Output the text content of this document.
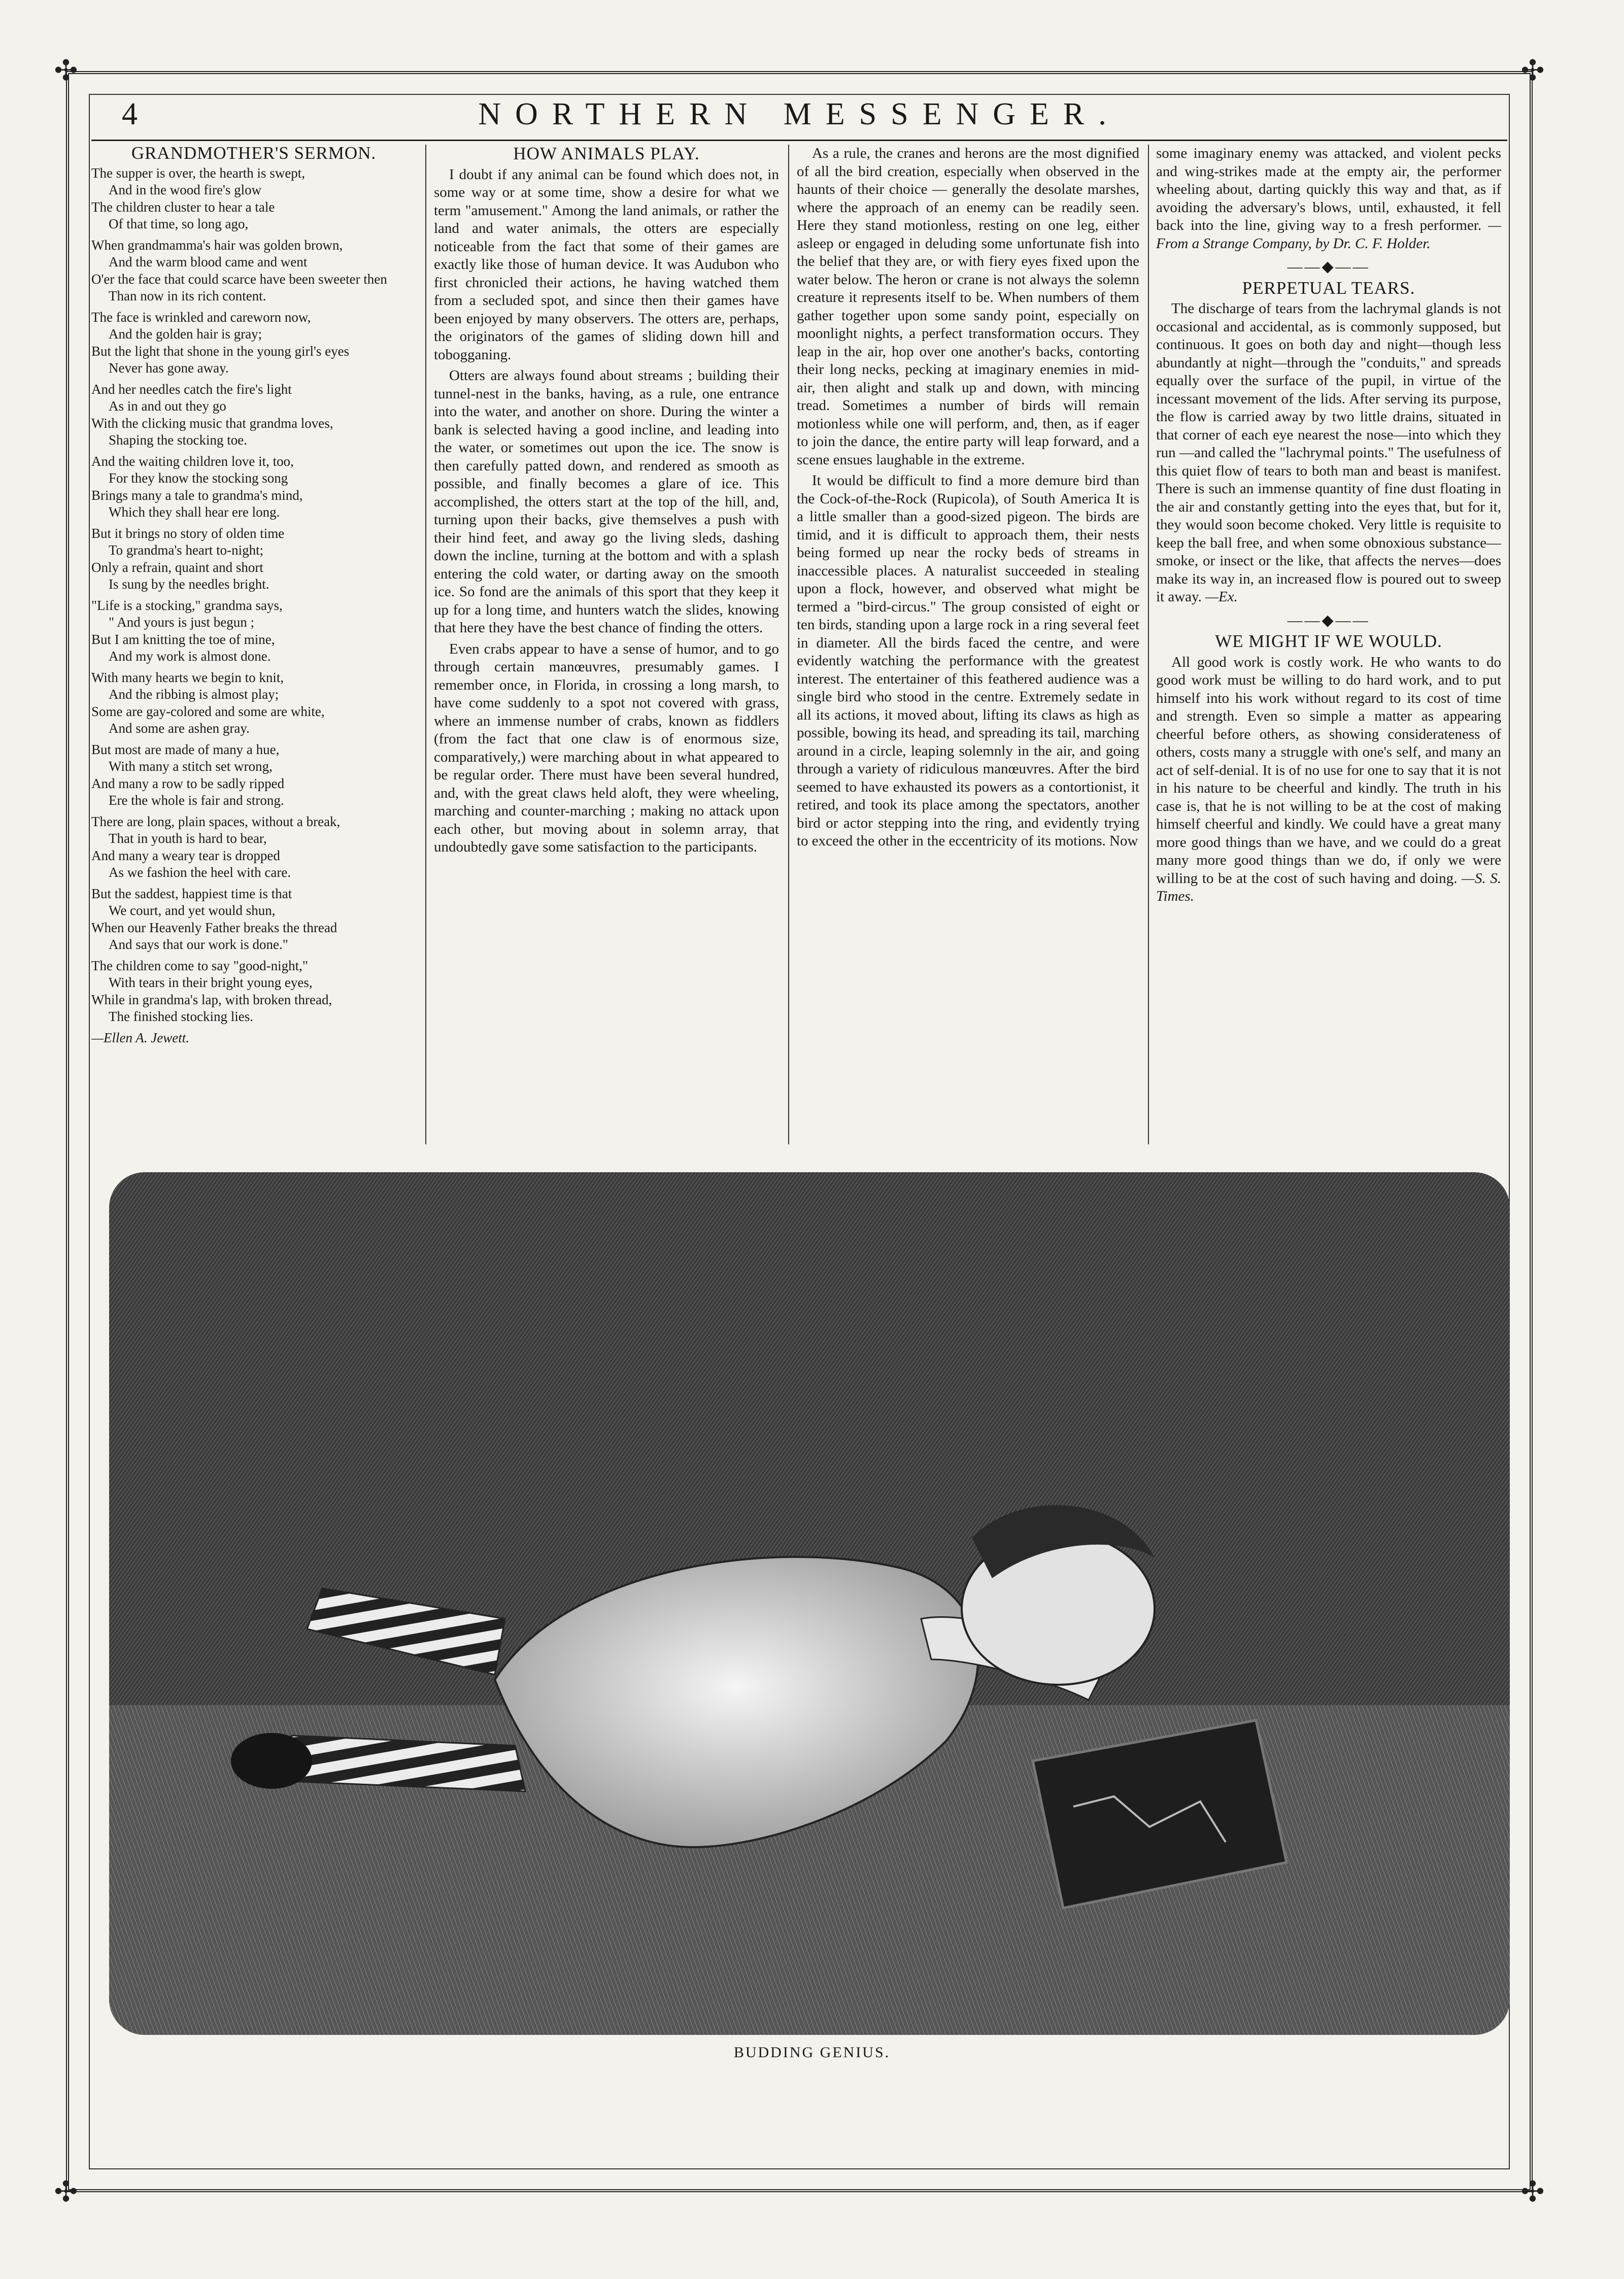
✣	✣
✣	✣
4	NORTHERN MESSENGER.
GRANDMOTHER'S SERMON.
The supper is over, the hearth is swept,
And in the wood fire's glow
The children cluster to hear a tale
Of that time, so long ago,
When grandmamma's hair was golden brown,
And the warm blood came and went
O'er the face that could scarce have been sweeter then
Than now in its rich content.
The face is wrinkled and careworn now,
And the golden hair is gray;
But the light that shone in the young girl's eyes
Never has gone away.
And her needles catch the fire's light
As in and out they go
With the clicking music that grandma loves,
Shaping the stocking toe.
And the waiting children love it, too,
For they know the stocking song
Brings many a tale to grandma's mind,
Which they shall hear ere long.
But it brings no story of olden time
To grandma's heart to-night;
Only a refrain, quaint and short
Is sung by the needles bright.
"Life is a stocking," grandma says,
" And yours is just begun ;
But I am knitting the toe of mine,
And my work is almost done.
With many hearts we begin to knit,
And the ribbing is almost play;
Some are gay-colored and some are white,
And some are ashen gray.
But most are made of many a hue,
With many a stitch set wrong,
And many a row to be sadly ripped
Ere the whole is fair and strong.
There are long, plain spaces, without a break,
That in youth is hard to bear,
And many a weary tear is dropped
As we fashion the heel with care.
But the saddest, happiest time is that
We court, and yet would shun,
When our Heavenly Father breaks the thread
And says that our work is done."
The children come to say "good-night,"
With tears in their bright young eyes,
While in grandma's lap, with broken thread,
The finished stocking lies.
—Ellen A. Jewett.
HOW ANIMALS PLAY.

I doubt if any animal can be found which does not, in some way or at some time, show a desire for what we term "amusement." Among the land animals, or rather the land and water animals, the otters are especially noticeable from the fact that some of their games are exactly like those of human device. It was Audubon who first chronicled their actions, he having watched them from a secluded spot, and since then their games have been enjoyed by many observers. The otters are, perhaps, the originators of the games of sliding down hill and tobogganing.

Otters are always found about streams ; building their tunnel-nest in the banks, having, as a rule, one entrance into the water, and another on shore. During the winter a bank is selected having a good incline, and leading into the water, or sometimes out upon the ice. The snow is then carefully patted down, and rendered as smooth as possible, and finally becomes a glare of ice. This accomplished, the otters start at the top of the hill, and, turning upon their backs, give themselves a push with their hind feet, and away go the living sleds, dashing down the incline, turning at the bottom and with a splash entering the cold water, or darting away on the smooth ice. So fond are the animals of this sport that they keep it up for a long time, and hunters watch the slides, knowing that here they have the best chance of finding the otters.

Even crabs appear to have a sense of humor, and to go through certain manœuvres, presumably games. I remember once, in Florida, in crossing a long marsh, to have come suddenly to a spot not covered with grass, where an immense number of crabs, known as fiddlers (from the fact that one claw is of enormous size, comparatively,) were marching about in what appeared to be regular order. There must have been several hundred, and, with the great claws held aloft, they were wheeling, marching and counter-marching ; making no attack upon each other, but moving about in solemn array, that undoubtedly gave some satisfaction to the participants.

As a rule, the cranes and herons are the most dignified of all the bird creation, especially when observed in the haunts of their choice — generally the desolate marshes, where the approach of an enemy can be readily seen. Here they stand motionless, resting on one leg, either asleep or engaged in deluding some unfortunate fish into the belief that they are, or with fiery eyes fixed upon the water below. The heron or crane is not always the solemn creature it represents itself to be. When numbers of them gather together upon some sandy point, especially on moonlight nights, a perfect transformation occurs. They leap in the air, hop over one another's backs, contorting their long necks, pecking at imaginary enemies in mid-air, then alight and stalk up and down, with mincing tread. Sometimes a number of birds will remain motionless while one will perform, and, then, as if eager to join the dance, the entire party will leap forward, and a scene ensues laughable in the extreme.

It would be difficult to find a more demure bird than the Cock-of-the-Rock (Rupicola), of South America It is a little smaller than a good-sized pigeon. The birds are timid, and it is difficult to approach them, their nests being formed up near the rocky beds of streams in inaccessible places. A naturalist succeeded in stealing upon a flock, however, and observed what might be termed a "bird-circus." The group consisted of eight or ten birds, standing upon a large rock in a ring several feet in diameter. All the birds faced the centre, and were evidently watching the performance with the greatest interest. The entertainer of this feathered audience was a single bird who stood in the centre. Extremely sedate in all its actions, it moved about, lifting its claws as high as possible, bowing its head, and spreading its tail, marching around in a circle, leaping solemnly in the air, and going through a variety of ridiculous manœuvres. After the bird seemed to have exhausted its powers as a contortionist, it retired, and took its place among the spectators, another bird or actor stepping into the ring, and evidently trying to exceed the other in the eccentricity of its motions. Now

some imaginary enemy was attacked, and violent pecks and wing-strikes made at the empty air, the performer wheeling about, darting quickly this way and that, as if avoiding the adversary's blows, until, exhausted, it fell back into the line, giving way to a fresh performer. —From a Strange Company, by Dr. C. F. Holder.

——◆——
PERPETUAL TEARS.

The discharge of tears from the lachrymal glands is not occasional and accidental, as is commonly supposed, but continuous. It goes on both day and night—though less abundantly at night—through the "conduits," and spreads equally over the surface of the pupil, in virtue of the incessant movement of the lids. After serving its purpose, the flow is carried away by two little drains, situated in that corner of each eye nearest the nose—into which they run —and called the "lachrymal points." The usefulness of this quiet flow of tears to both man and beast is manifest. There is such an immense quantity of fine dust floating in the air and constantly getting into the eyes that, but for it, they would soon become choked. Very little is requisite to keep the ball free, and when some obnoxious substance—smoke, or insect or the like, that affects the nerves—does make its way in, an increased flow is poured out to sweep it away. —Ex.

——◆——
WE MIGHT IF WE WOULD.

All good work is costly work. He who wants to do good work must be willing to do hard work, and to put himself into his work without regard to its cost of time and strength. Even so simple a matter as appearing cheerful before others, as showing considerateness of others, costs many a struggle with one's self, and many an act of self-denial. It is of no use for one to say that it is not in his nature to be cheerful and kindly. The truth in his case is, that he is not willing to be at the cost of making himself cheerful and kindly. We could have a great many more good things than we have, and we could do a great many more good things than we do, if only we were willing to be at the cost of such having and doing. —S. S. Times.

BUDDING GENIUS.
